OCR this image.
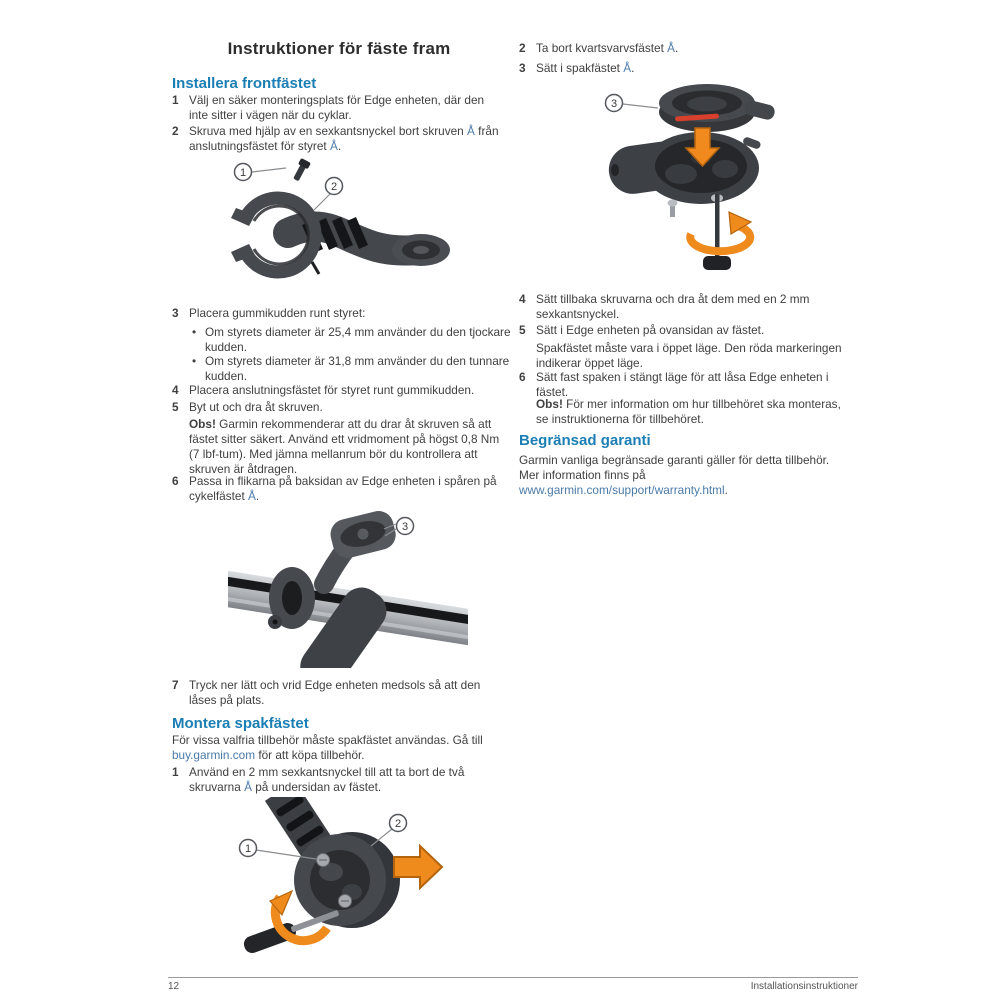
Instruktioner för fäste fram
Installera frontfästet
1 Välj en säker monteringsplats för Edge enheten, där den inte sitter i vägen när du cyklar.
2 Skruva med hjälp av en sexkantsnyckel bort skruven Å från anslutningsfästet för styret Å.
1
2
3 Placera gummikudden runt styret:
• Om styrets diameter är 25,4 mm använder du den tjockare kudden.
• Om styrets diameter är 31,8 mm använder du den tunnare kudden.
4 Placera anslutningsfästet för styret runt gummikudden.
5 Byt ut och dra åt skruven.
Obs! Garmin rekommenderar att du drar åt skruven så att fästet sitter säkert. Använd ett vridmoment på högst 0,8 Nm (7 lbf-tum). Med jämna mellanrum bör du kontrollera att skruven är åtdragen.
6 Passa in flikarna på baksidan av Edge enheten i spåren på cykelfästet Å.
3
7 Tryck ner lätt och vrid Edge enheten medsols så att den låses på plats.
Montera spakfästet
För vissa valfria tillbehör måste spakfästet användas. Gå till buy.garmin.com för att köpa tillbehör.
1 Använd en 2 mm sexkantsnyckel till att ta bort de två skruvarna Å på undersidan av fästet.
1
2
2 Ta bort kvartsvarvsfästet Å.
3 Sätt i spakfästet Å.
3
4 Sätt tillbaka skruvarna och dra åt dem med en 2 mm sexkantsnyckel.
5 Sätt i Edge enheten på ovansidan av fästet.
Spakfästet måste vara i öppet läge. Den röda markeringen indikerar öppet läge.
6 Sätt fast spaken i stängt läge för att låsa Edge enheten i fästet.
Obs! För mer information om hur tillbehöret ska monteras, se instruktionerna för tillbehöret.
Begränsad garanti
Garmin vanliga begränsade garanti gäller för detta tillbehör. Mer information finns på www.garmin.com/support/warranty.html.
12	Installationsinstruktioner
